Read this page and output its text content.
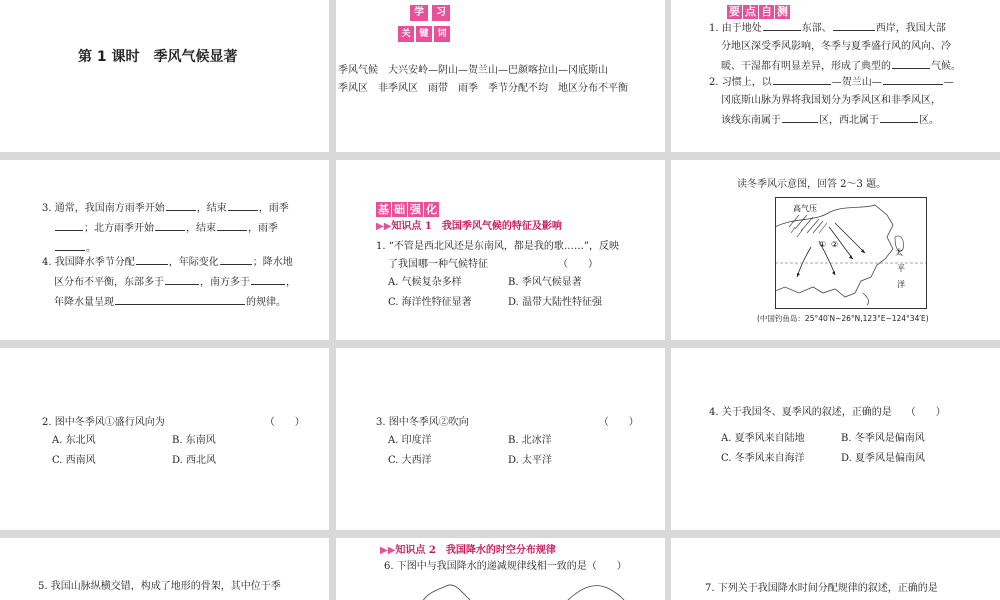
第 1 课时　季风气候显著
学 习
关 键 词
季风气候　大兴安岭—阴山—贺兰山—巴颜喀拉山—冈底斯山
季风区　非季风区　雨带　雨季　季节分配不均　地区分布不平衡
要 点 自 测

1. 由于地处	东部、	西岸，我国大部

分地区深受季风影响，冬季与夏季盛行风的风向、冷

暖、干湿都有明显差异，形成了典型的	气候。

2. 习惯上，以	—贺兰山—	—

冈底斯山脉为界将我国划分为季风区和非季风区，

该线东南属于	区，西北属于	区。

3. 通常，我国南方雨季开始	，结束	，雨季

；北方雨季开始	，结束	，雨季

。

4. 我国降水季节分配	，年际变化	；降水地

区分布不平衡，东部多于	，南方多于	，

年降水量呈现	的规律。

基 础 强 化
▶▶知识点 1　我国季风气候的特征及影响

1. “不管是西北风还是东南风，都是我的歌……”，反映

了我国哪一种气候特征	（　　）

A. 气候复杂多样	B. 季风气候显著
C. 海洋性特征显著	D. 温带大陆性特征强
读冬季风示意图，回答 2～3 题。
高气压
① ②
太
平
洋
(中国钓鱼岛：25°40′N~26°N,123°E~124°34′E)
2. 图中冬季风①盛行风向为	（　　）
A. 东北风	B. 东南风
C. 西南风	D. 西北风
3. 图中冬季风②吹向	（　　）
A. 印度洋	B. 北冰洋
C. 大西洋	D. 太平洋
4. 关于我国冬、夏季风的叙述，正确的是 （　　）
A. 夏季风来自陆地	B. 冬季风是偏南风
C. 冬季风来自海洋	D. 夏季风是偏南风
5. 我国山脉纵横交错，构成了地形的骨架，其中位于季
▶▶知识点 2　我国降水的时空分布规律
6. 下图中与我国降水的递减规律线相一致的是（　　）
7. 下列关于我国降水时间分配规律的叙述，正确的是
